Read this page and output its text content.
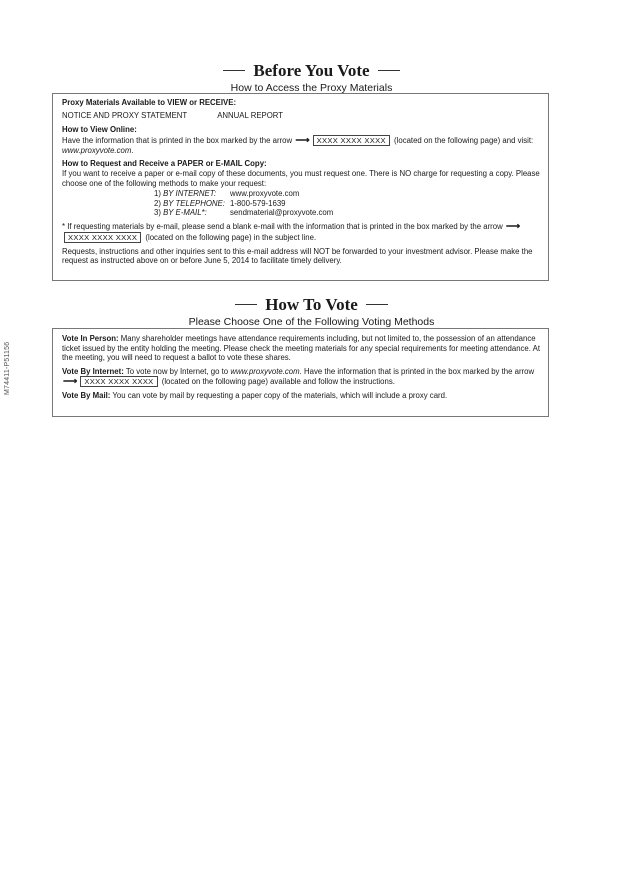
M74411-P51156
Before You Vote
How to Access the Proxy Materials
Proxy Materials Available to VIEW or RECEIVE:
NOTICE AND PROXY STATEMENT	ANNUAL REPORT
How to View Online:

Have the information that is printed in the box marked by the arrow ⟶ XXXX XXXX XXXX (located on the following page) and visit: www.proxyvote.com.

How to Request and Receive a PAPER or E-MAIL Copy:

If you want to receive a paper or e-mail copy of these documents, you must request one. There is NO charge for requesting a copy. Please choose one of the following methods to make your request:

1) BY INTERNET:	www.proxyvote.com
2) BY TELEPHONE: 1-800-579-1639
3) BY E-MAIL*:	sendmaterial@proxyvote.com

* If requesting materials by e-mail, please send a blank e-mail with the information that is printed in the box marked by the arrow ⟶XXXX XXXX XXXX (located on the following page) in the subject line.

Requests, instructions and other inquiries sent to this e-mail address will NOT be forwarded to your investment advisor. Please make the request as instructed above on or before June 5, 2014 to facilitate timely delivery.

How To Vote
Please Choose One of the Following Voting Methods

Vote In Person: Many shareholder meetings have attendance requirements including, but not limited to, the possession of an attendance ticket issued by the entity holding the meeting. Please check the meeting materials for any special requirements for meeting attendance. At the meeting, you will need to request a ballot to vote these shares.

Vote By Internet: To vote now by Internet, go to www.proxyvote.com. Have the information that is printed in the box marked by the arrow ⟶ XXXX XXXX XXXX (located on the following page) available and follow the instructions.

Vote By Mail: You can vote by mail by requesting a paper copy of the materials, which will include a proxy card.
